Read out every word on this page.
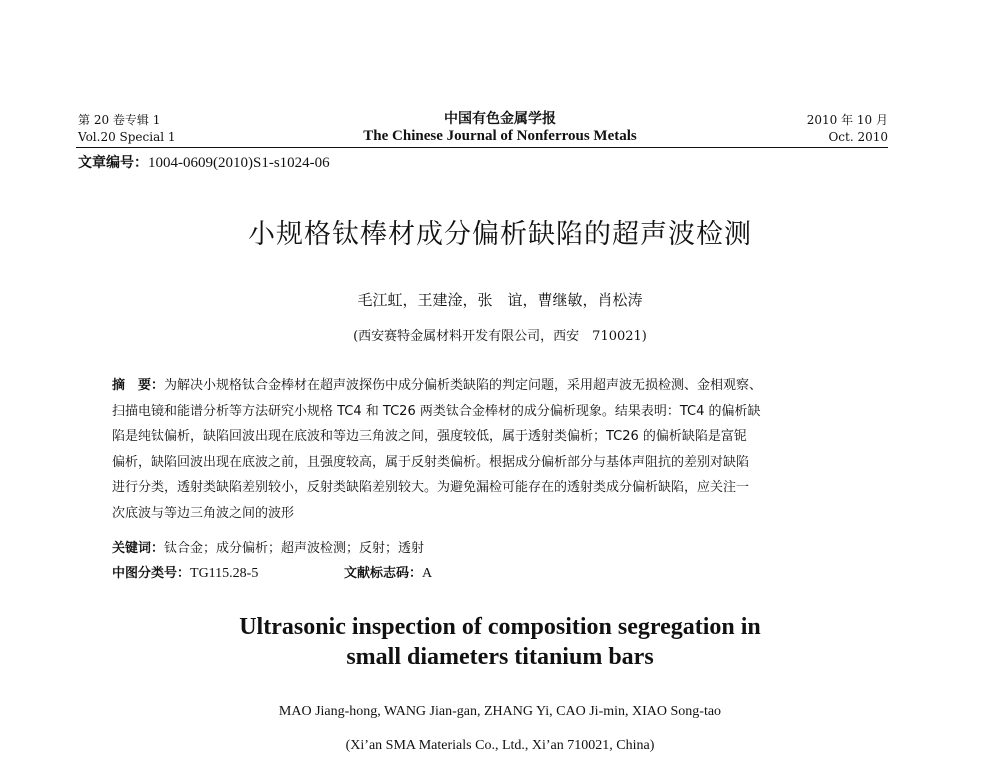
第 20 卷专辑 1
Vol.20 Special 1
中国有色金属学报
The Chinese Journal of Nonferrous Metals
2010 年 10 月
Oct. 2010
文章编号：1004-0609(2010)S1-s1024-06
小规格钛棒材成分偏析缺陷的超声波检测
毛江虹，王建淦，张　谊，曹继敏，肖松涛
(西安赛特金属材料开发有限公司，西安　710021)
摘　要：为解决小规格钛合金棒材在超声波探伤中成分偏析类缺陷的判定问题，采用超声波无损检测、金相观察、
扫描电镜和能谱分析等方法研究小规格 TC4 和 TC26 两类钛合金棒材的成分偏析现象。结果表明：TC4 的偏析缺
陷是纯钛偏析，缺陷回波出现在底波和等边三角波之间，强度较低，属于透射类偏析；TC26 的偏析缺陷是富铌
偏析，缺陷回波出现在底波之前，且强度较高，属于反射类偏析。根据成分偏析部分与基体声阻抗的差别对缺陷
进行分类，透射类缺陷差别较小，反射类缺陷差别较大。为避免漏检可能存在的透射类成分偏析缺陷，应关注一
次底波与等边三角波之间的波形
关键词：钛合金；成分偏析；超声波检测；反射；透射
中图分类号：TG115.28-5	文献标志码：A
Ultrasonic inspection of composition segregation in
small diameters titanium bars
MAO Jiang-hong, WANG Jian-gan, ZHANG Yi, CAO Ji-min, XIAO Song-tao
(Xi’an SMA Materials Co., Ltd., Xi’an 710021, China)
